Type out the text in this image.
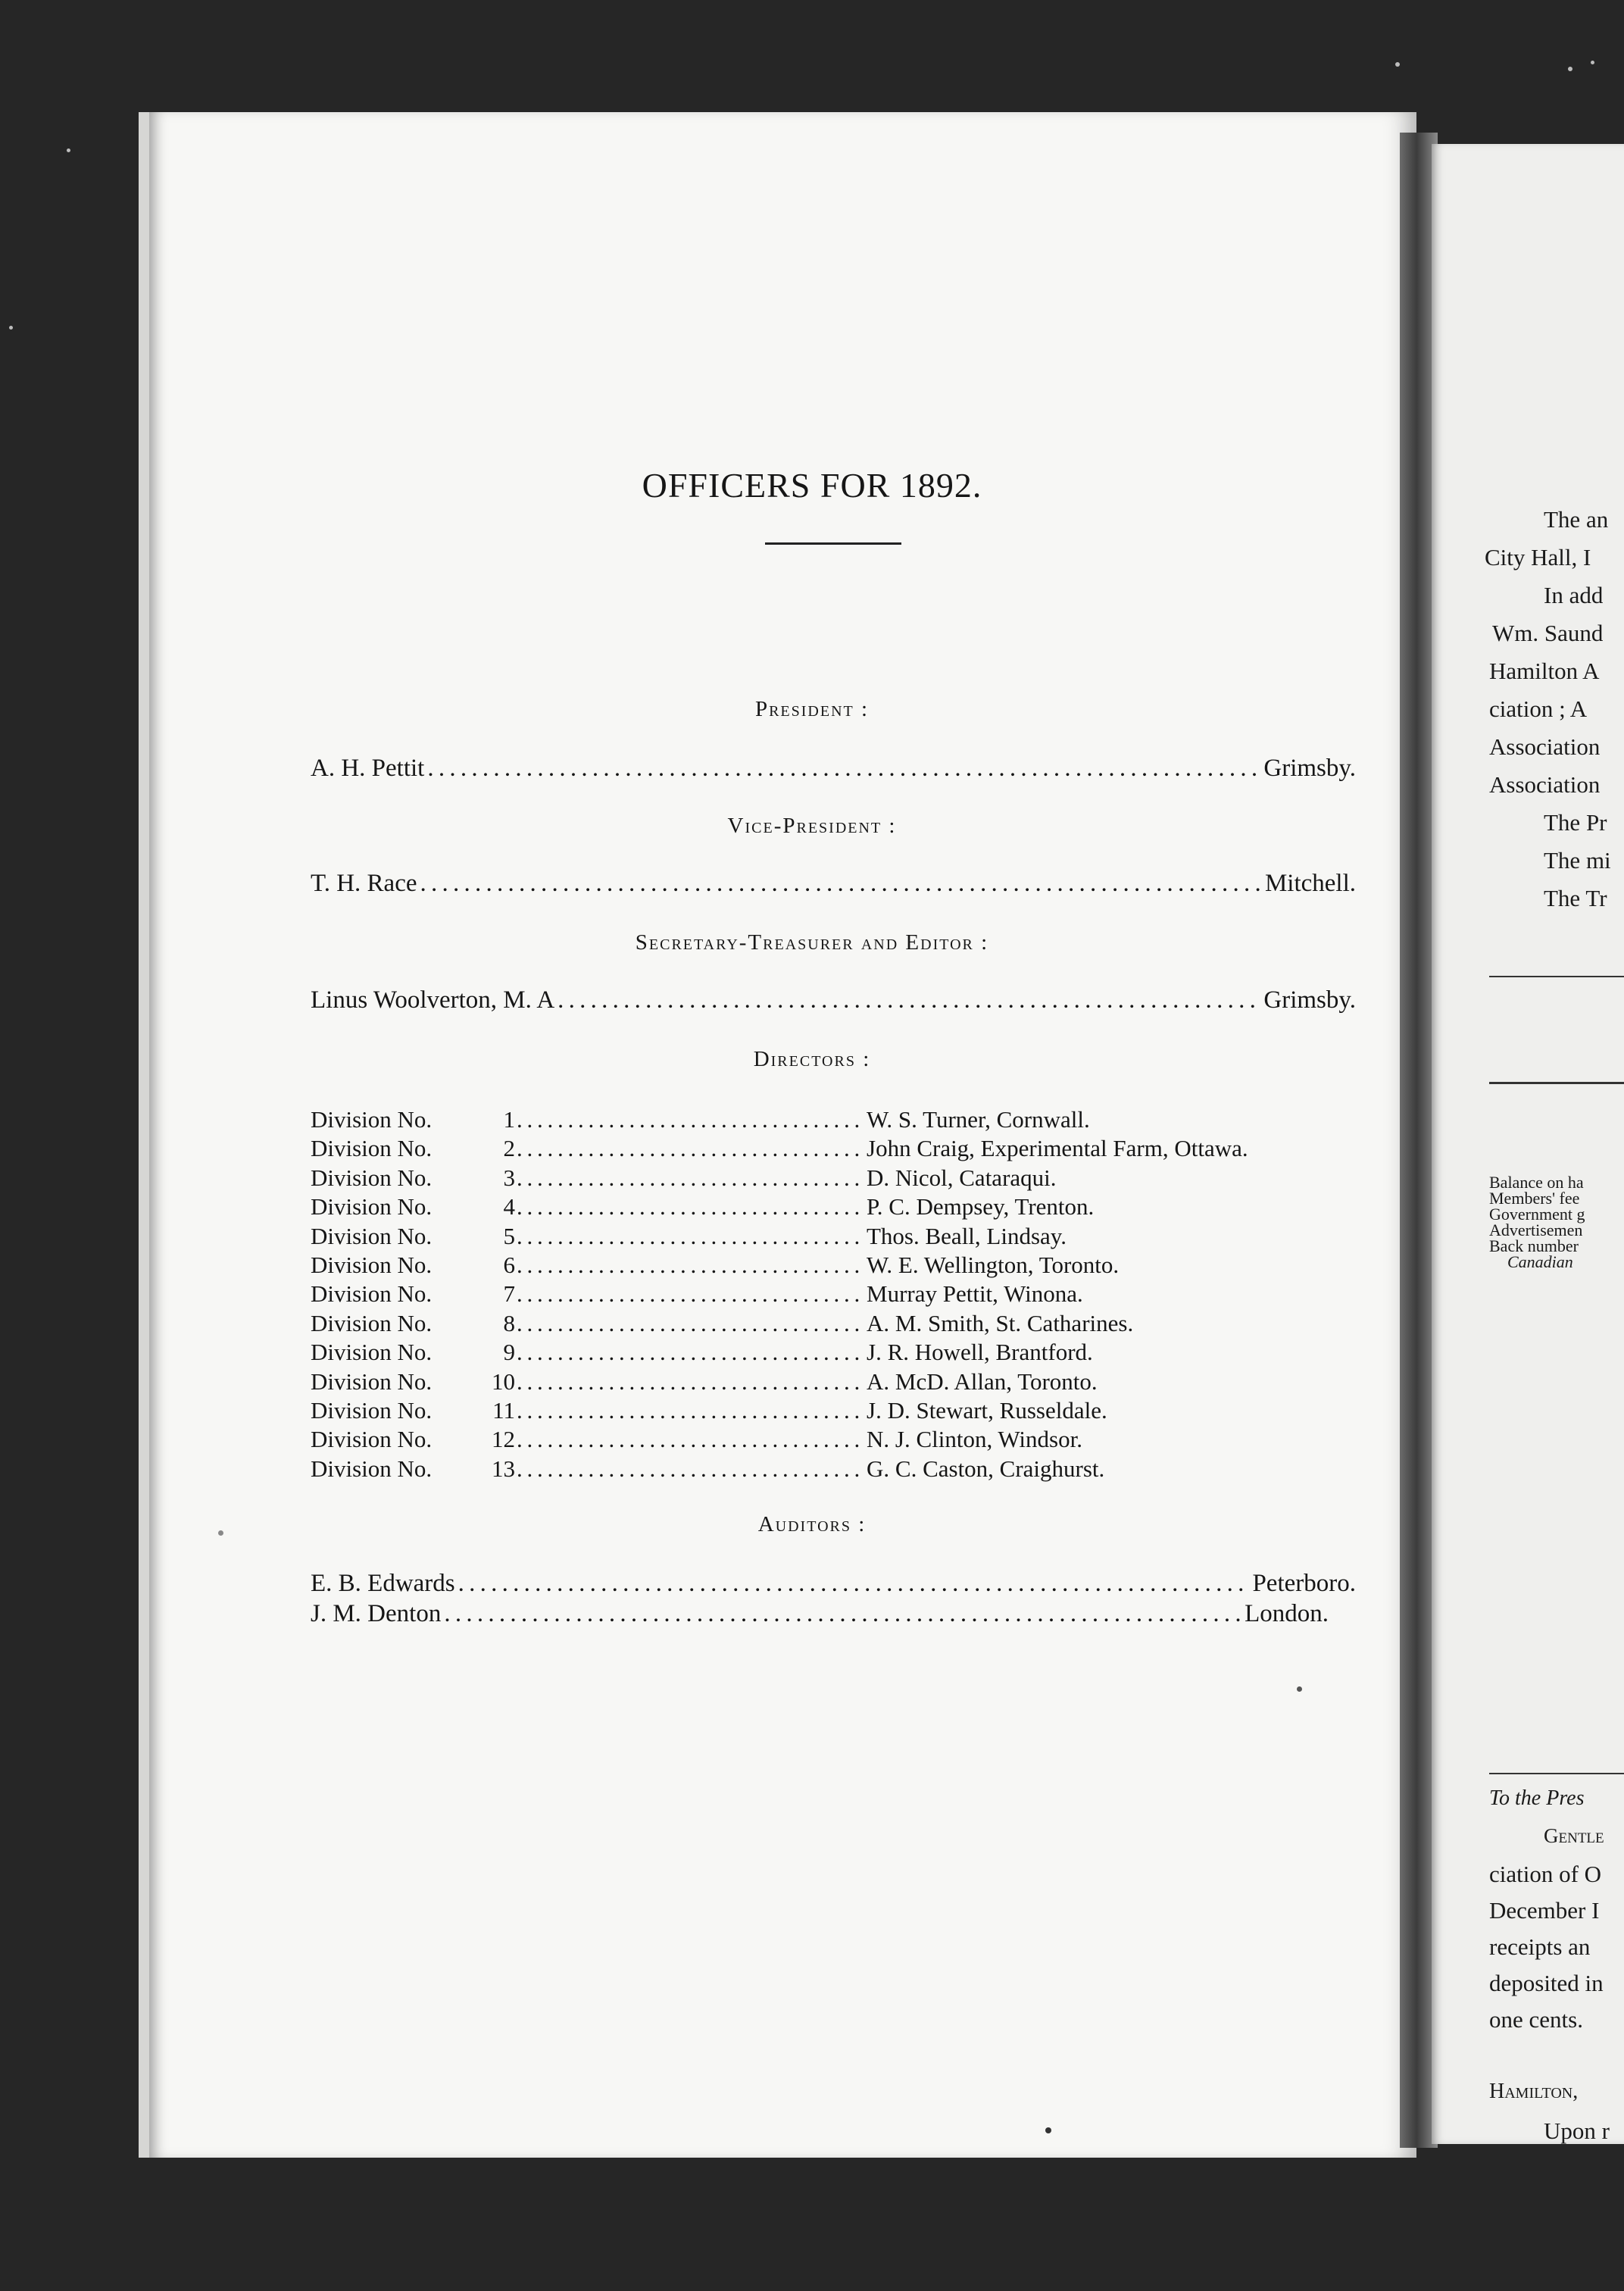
The an
City Hall, I
In add
Wm. Saund
Hamilton A
ciation ; A
Association
Association
The Pr
The mi
The Tr
Balance on ha
Members' fee
Government g
Advertisemen
Back number
Canadian
To the Pres
Gentle
ciation of O
December I
receipts an
deposited in
one cents.
Hamilton,
Upon r
OFFICERS FOR 1892.
President :
A. H. Pettit . . .	Grimsby.
Vice-President :
T. H. Race . . .	Mitchell.
Secretary-Treasurer and Editor :
Linus Woolverton, M. A . . .	Grimsby.
Directors :
Division No.	1 . . .	W. S. Turner, Cornwall.
Division No.	2 . . .	John Craig, Experimental Farm, Ottawa.
Division No.	3 . . .	D. Nicol, Cataraqui.
Division No.	4 . . .	P. C. Dempsey, Trenton.
Division No.	5 . . .	Thos. Beall, Lindsay.
Division No.	6 . . .	W. E. Wellington, Toronto.
Division No.	7 . . .	Murray Pettit, Winona.
Division No.	8 . . .	A. M. Smith, St. Catharines.
Division No.	9 . . .	J. R. Howell, Brantford.
Division No.	10 . . .	A. McD. Allan, Toronto.
Division No.	11 . . .	J. D. Stewart, Russeldale.
Division No.	12 . . .	N. J. Clinton, Windsor.
Division No.	13 . . .	G. C. Caston, Craighurst.
Auditors :
E. B. Edwards . . .	Peterboro.
J. M. Denton . . .	London.
